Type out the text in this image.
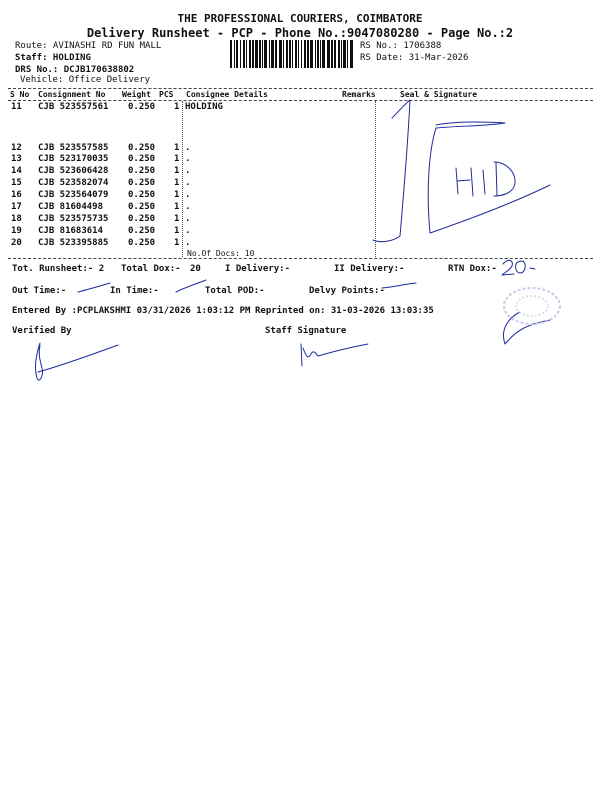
THE PROFESSIONAL COURIERS, COIMBATORE
Delivery Runsheet - PCP - Phone No.:9047080280 - Page No.:2
Route: AVINASHI RD FUN MALL
Staff: HOLDING
DRS No.: DCJB170638802
Vehicle: Office Delivery
RS No.: 1706388
RS Date: 31-Mar-2026
S No Consignment No Weight PCS Consignee Details	Remarks	Seal & Signature
11 CJB 523557561 0.250 1 HOLDING
12 CJB 523557585 0.250 1 .
13 CJB 523170035 0.250 1 .
14 CJB 523606428 0.250 1 .
15 CJB 523582074 0.250 1 .
16 CJB 523564079 0.250 1 .
17 CJB 81604498	0.250 1 .
18 CJB 523575735 0.250 1 .
19 CJB 81683614	0.250 1 .
20 CJB 523395885 0.250 1 .
No.Of Docs: 10
Tot. Runsheet:- 2 Total Dox:- 20	I Delivery:-	II Delivery:-	RTN Dox:-
Out Time:-	In Time:-	Total POD:-	Delvy Points:-
Entered By :PCPLAKSHMI 03/31/2026 1:03:12 PM Reprinted on: 31-03-2026 13:03:35
Verified By	Staff Signature
